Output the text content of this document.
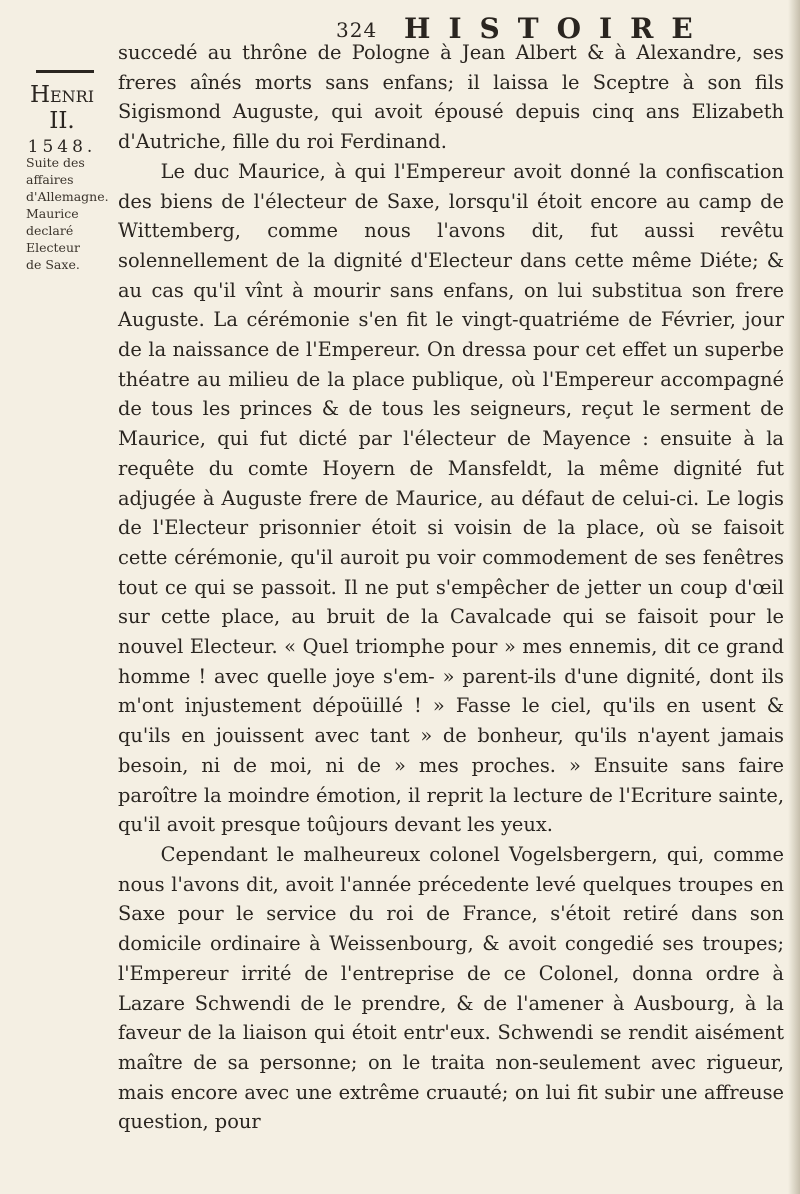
324 HISTOIRE
Henri II.
1548.
Suite des affaires d'Allemagne. Maurice declaré Electeur de Saxe.

succedé au thrône de Pologne à Jean Albert & à Alexandre, ses freres aînés morts sans enfans; il laissa le Sceptre à son fils Sigismond Auguste, qui avoit épousé depuis cinq ans Elizabeth d'Autriche, fille du roi Ferdinand.

Le duc Maurice, à qui l'Empereur avoit donné la confiscation des biens de l'électeur de Saxe, lorsqu'il étoit encore au camp de Wittemberg, comme nous l'avons dit, fut aussi revêtu solennellement de la dignité d'Electeur dans cette même Diéte; & au cas qu'il vînt à mourir sans enfans, on lui substitua son frere Auguste. La cérémonie s'en fit le vingt-quatriéme de Février, jour de la naissance de l'Empereur. On dressa pour cet effet un superbe théatre au milieu de la place publique, où l'Empereur accompagné de tous les princes & de tous les seigneurs, reçut le serment de Maurice, qui fut dicté par l'électeur de Mayence : ensuite à la requête du comte Hoyern de Mansfeldt, la même dignité fut adjugée à Auguste frere de Maurice, au défaut de celui-ci. Le logis de l'Electeur prisonnier étoit si voisin de la place, où se faisoit cette cérémonie, qu'il auroit pu voir commodement de ses fenêtres tout ce qui se passoit. Il ne put s'empêcher de jetter un coup d'œil sur cette place, au bruit de la Cavalcade qui se faisoit pour le nouvel Electeur. « Quel triomphe pour » mes ennemis, dit ce grand homme ! avec quelle joye s'em- » parent-ils d'une dignité, dont ils m'ont injustement dépoüillé ! » Fasse le ciel, qu'ils en usent & qu'ils en jouissent avec tant » de bonheur, qu'ils n'ayent jamais besoin, ni de moi, ni de » mes proches. » Ensuite sans faire paroître la moindre émotion, il reprit la lecture de l'Ecriture sainte, qu'il avoit presque toûjours devant les yeux.

Cependant le malheureux colonel Vogelsbergern, qui, comme nous l'avons dit, avoit l'année précedente levé quelques troupes en Saxe pour le service du roi de France, s'étoit retiré dans son domicile ordinaire à Weissenbourg, & avoit congedié ses troupes; l'Empereur irrité de l'entreprise de ce Colonel, donna ordre à Lazare Schwendi de le prendre, & de l'amener à Ausbourg, à la faveur de la liaison qui étoit entr'eux. Schwendi se rendit aisément maître de sa personne; on le traita non-seulement avec rigueur, mais encore avec une extrême cruauté; on lui fit subir une affreuse question, pour
